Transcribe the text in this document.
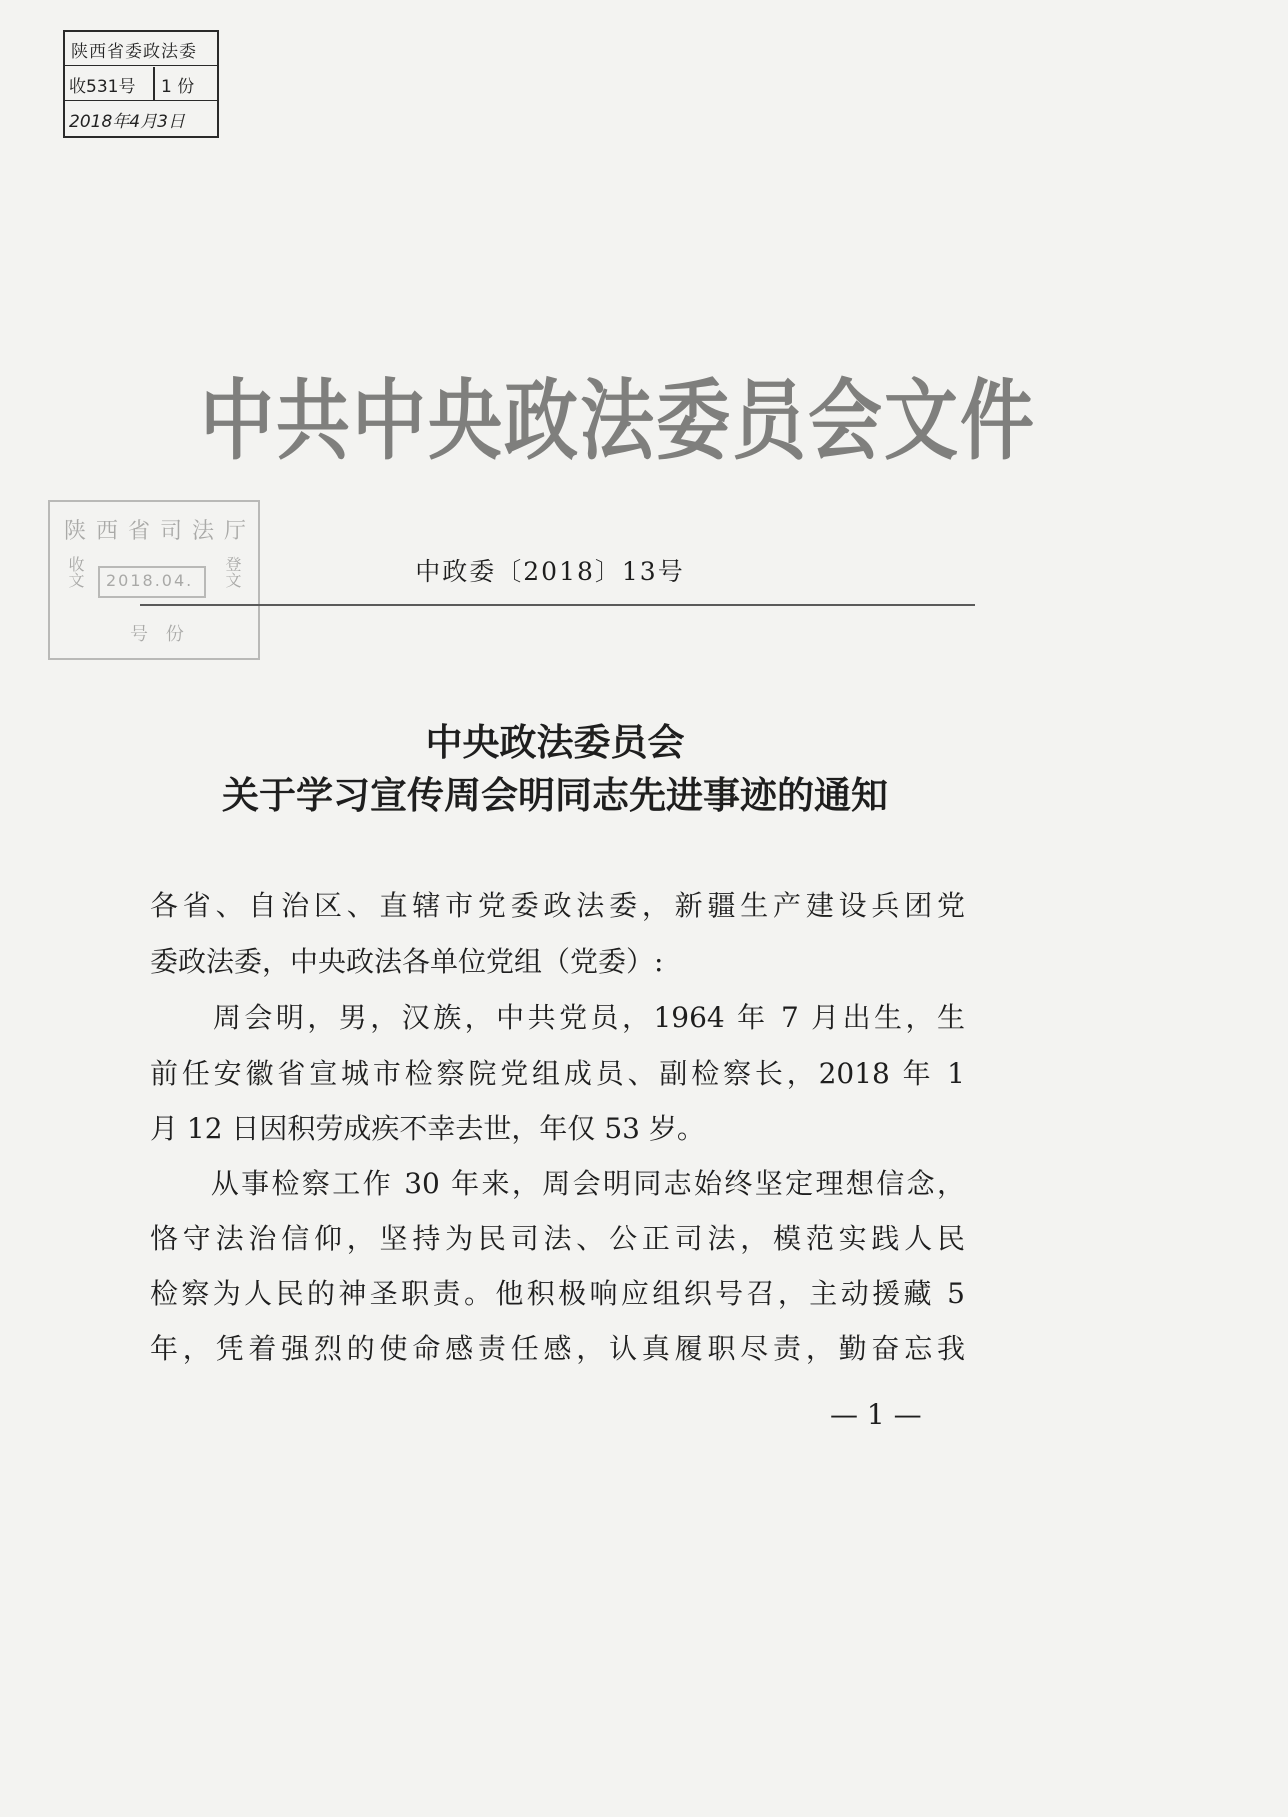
陕西省委政法委
收531号 1 份
2018年4月3日
陕西省司法厅
收文 2018.04. 登文
号 份
中共中央政法委员会文件
中政委〔2018〕13号
中央政法委员会
关于学习宣传周会明同志先进事迹的通知
各省、自治区、直辖市党委政法委，新疆生产建设兵团党
委政法委，中央政法各单位党组（党委）:
　　周会明，男，汉族，中共党员，1964 年 7 月出生，生
前任安徽省宣城市检察院党组成员、副检察长，2018 年 1
月 12 日因积劳成疾不幸去世，年仅 53 岁。
　　从事检察工作 30 年来，周会明同志始终坚定理想信念，
恪守法治信仰，坚持为民司法、公正司法，模范实践人民
检察为人民的神圣职责。他积极响应组织号召，主动援藏 5
年，凭着强烈的使命感责任感，认真履职尽责，勤奋忘我
— 1 —
